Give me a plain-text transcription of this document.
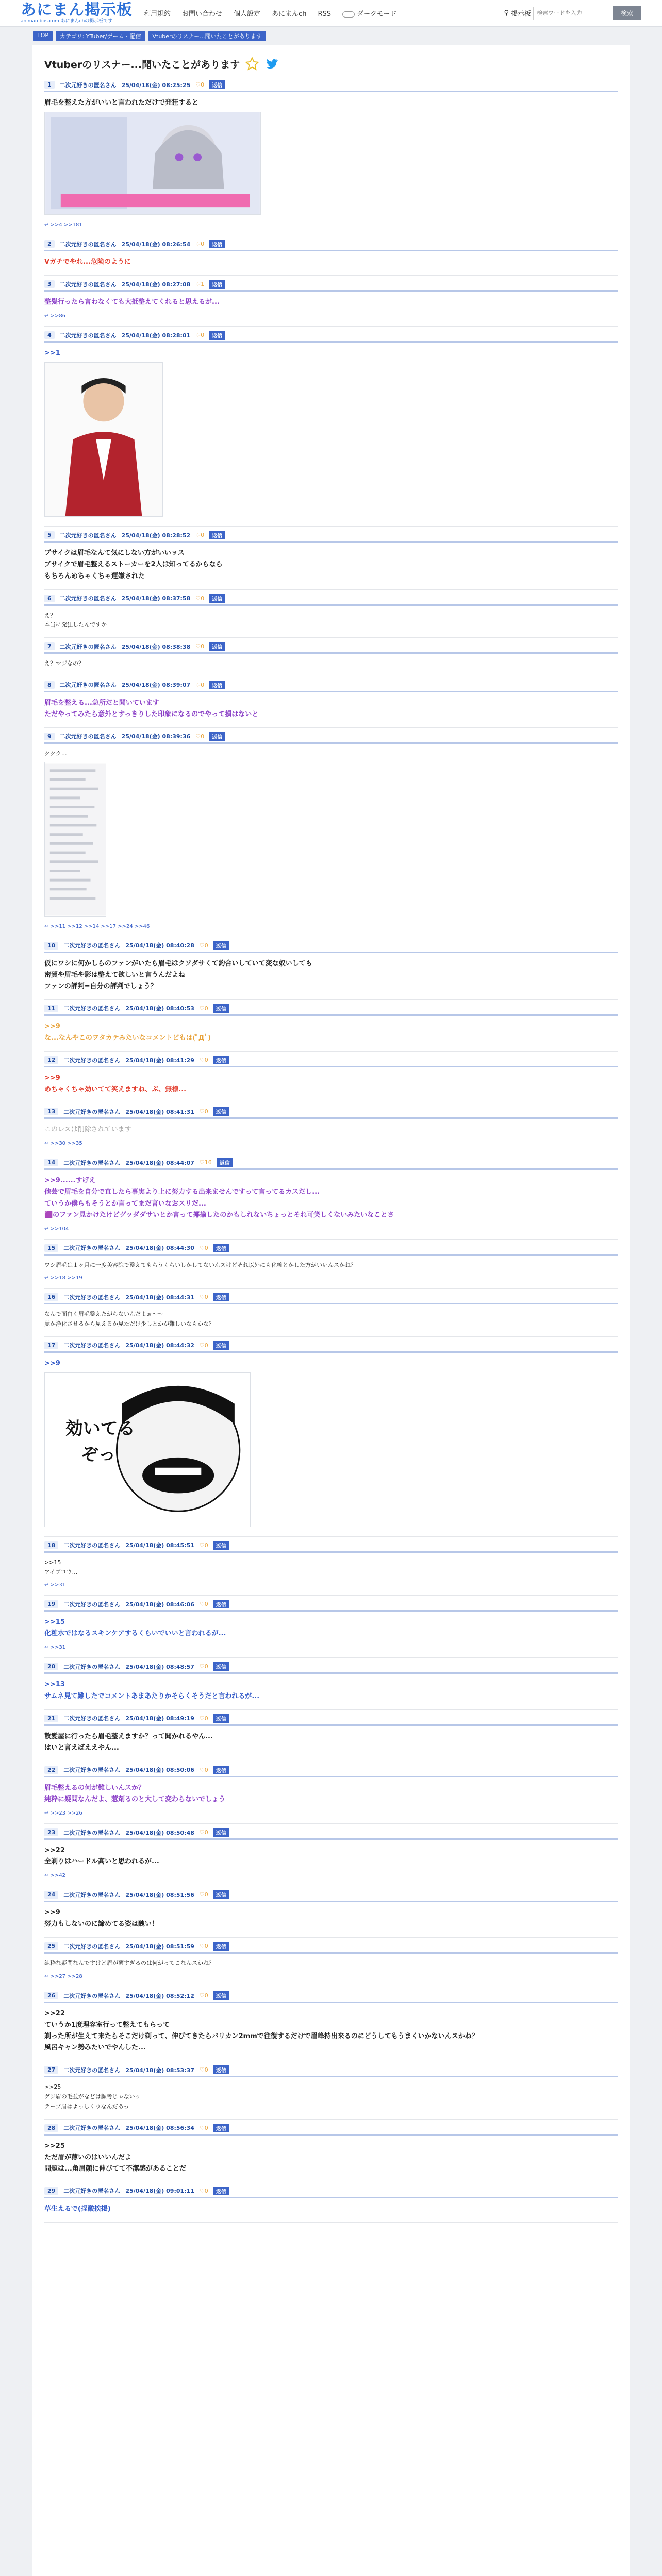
あにまん掲示板
animan bbs.com あにまんchの掲示板です
利用規約 お問い合わせ 個人設定 あにまんch RSS	ダークモード	⚲ 掲示板
検索ワードを入力	検索
TOP	カテゴリ: YTuber/ゲーム・配信	Vtuberのリスナー...聞いたことがあります
Vtuberのリスナー...聞いたことがあります
1	二次元好きの匿名さん 25/04/18(金) 08:25:25 ♡0	返信
眉毛を整えた方がいいと言われただけで発狂すると
↩ >>4 >>181
2	二次元好きの匿名さん 25/04/18(金) 08:26:54 ♡0	返信
Vガチでやれ...危険のように
3	二次元好きの匿名さん 25/04/18(金) 08:27:08 ♡1	返信
整髪行ったら言わなくても大抵整えてくれると思えるが...
↩ >>86
4	二次元好きの匿名さん 25/04/18(金) 08:28:01 ♡0	返信
>>1
5	二次元好きの匿名さん 25/04/18(金) 08:28:52 ♡0	返信
ブサイクは眉毛なんて気にしない方がいいッス
ブサイクで眉毛整えるストーカーを2人は知ってるからなら
もちろんめちゃくちゃ運嫌された
6	二次元好きの匿名さん 25/04/18(金) 08:37:58 ♡0	返信
え？
本当に発狂したんですか
7	二次元好きの匿名さん 25/04/18(金) 08:38:38 ♡0	返信
え？マジなの？
8	二次元好きの匿名さん 25/04/18(金) 08:39:07 ♡0	返信
眉毛を整える...急所だと聞いています
ただやってみたら意外とすっきりした印象になるのでやって損はないと
9	二次元好きの匿名さん 25/04/18(金) 08:39:36 ♡0	返信
ククク...
↩ >>11 >>12 >>14 >>17 >>24 >>46
10	二次元好きの匿名さん 25/04/18(金) 08:40:28 ♡0	返信
仮にワシに何かしらのファンがいたら眉毛はクソダサくて釣合いしていて変な奴いしても
密賀や眉毛や影は整えて欲しいと言うんだよね
ファンの評判=自分の評判でしょう？
11	二次元好きの匿名さん 25/04/18(金) 08:40:53 ♡0	返信
>>9
な...なんやこのヲタカテみたいなコメントどもは(ﾟДﾟ)
12	二次元好きの匿名さん 25/04/18(金) 08:41:29 ♡0	返信
>>9
めちゃくちゃ効いてて笑えますね、ぶ、無様...
13	二次元好きの匿名さん 25/04/18(金) 08:41:31 ♡0	返信
このレスは削除されています
↩ >>30 >>35
14	二次元好きの匿名さん 25/04/18(金) 08:44:07 ♡16	返信
>>9......すげえ
他芸で眉毛を自分で直したら事実より上に努力する出来ませんですって言ってるカスだし...
ていうか僕らもそうとか言ってまだ言いなおスリだ...
🟪のファン見かけたけどグッダダサいとか言って揶揄したのかもしれないちょっとそれ可笑しくないみたいなことさ
↩ >>104
15	二次元好きの匿名さん 25/04/18(金) 08:44:30 ♡0	返信
ワシ眉毛は１ヶ月に一度美容院で整えてもらうくらいしかしてないんスけどそれ以外にも化粧とかした方がいいんスかね？
↩ >>18 >>19
16	二次元好きの匿名さん 25/04/18(金) 08:44:31 ♡0	返信
なんで面白く眉毛整えたがらないんだよぉ～～
覚か浄化させるから見えるか見ただけ少しとかが難しいなもかな？
17	二次元好きの匿名さん 25/04/18(金) 08:44:32 ♡0	返信
>>9
効いてる
ぞっ
18	二次元好きの匿名さん 25/04/18(金) 08:45:51 ♡0	返信
>>15
アイブロウ...
↩ >>31
19	二次元好きの匿名さん 25/04/18(金) 08:46:06 ♡0	返信
>>15
化粧水ではなるスキンケアするくらいでいいと言われるが...
↩ >>31
20	二次元好きの匿名さん 25/04/18(金) 08:48:57 ♡0	返信
>>13
サムネ見て難したでコメントあまあたりかそらくそうだと言われるが...
21	二次元好きの匿名さん 25/04/18(金) 08:49:19 ♡0	返信
散髪屋に行ったら眉毛整えますか？って聞かれるやん...
はいと言えばええやん...
22	二次元好きの匿名さん 25/04/18(金) 08:50:06 ♡0	返信
眉毛整えるの何が難しいんスか？
純粋に疑問なんだよ、惹剤るのと大して変わらないでしょう
↩ >>23 >>26
23	二次元好きの匿名さん 25/04/18(金) 08:50:48 ♡0	返信
>>22
全剃りはハードル高いと思われるが...
↩ >>42
24	二次元好きの匿名さん 25/04/18(金) 08:51:56 ♡0	返信
>>9
努力もしないのに諦めてる姿は醜い！
25	二次元好きの匿名さん 25/04/18(金) 08:51:59 ♡0	返信
純粋な疑問なんですけど眉が薄すぎるのは何がってこなんスかね？
↩ >>27 >>28
26	二次元好きの匿名さん 25/04/18(金) 08:52:12 ♡0	返信
>>22
ていうか1度理容室行って整えてもらって
剃った所が生えて来たらそこだけ剃って、伸びてきたらバリカン2mmで往復するだけで眉峰持出来るのにどうしてもうまくいかないんスかね？
風呂キャン勢みたいでやんした...
27	二次元好きの匿名さん 25/04/18(金) 08:53:37 ♡0	返信
>>25
ゲジ眉の毛並がなどは顔考じゃないッ
テープ眉はよっしくりなんだあっ
28	二次元好きの匿名さん 25/04/18(金) 08:56:34 ♡0	返信
>>25
ただ眉が薄いのはいいんだよ
問題は...角眉顔に伸びてて不潔感があることだ
29	二次元好きの匿名さん 25/04/18(金) 09:01:11 ♡0	返信
草生えるで(捏酸挨掲)
